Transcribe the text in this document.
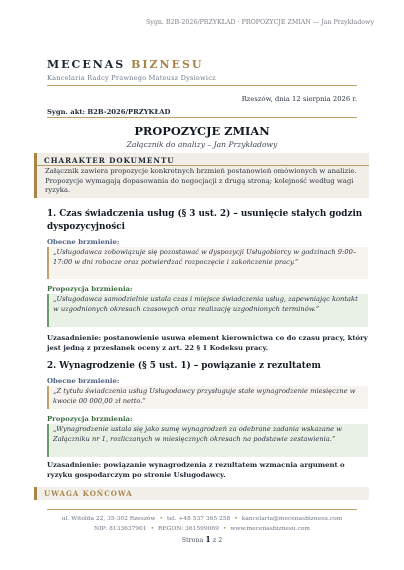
Sygn. B2B-2026/PRZYKŁAD · PROPOZYCJE ZMIAN — Jan Przykładowy
MECENAS BIZNESU
Kancelaria Radcy Prawnego Mateusz Dysiewicz
Rzeszów, dnia 12 sierpnia 2026 r.
Sygn. akt: B2B-2026/PRZYKŁAD
PROPOZYCJE ZMIAN
Załącznik do analizy – Jan Przykładowy
CHARAKTER DOKUMENTU
Załącznik zawiera propozycje konkretnych brzmień postanowień omówionych w analizie. Propozycje wymagają dopasowania do negocjacji z drugą stroną; kolejność według wagi ryzyka.
1. Czas świadczenia usług (§ 3 ust. 2) – usunięcie stałych godzin dyspozycyjności
Obecne brzmienie:
„Usługodawca zobowiązuje się pozostawać w dyspozycji Usługobiorcy w godzinach 9:00–17:00 w dni robocze oraz potwierdzać rozpoczęcie i zakończenie pracy.”
Propozycja brzmienia:
„Usługodawca samodzielnie ustala czas i miejsce świadczenia usług, zapewniając kontakt w uzgodnionych okresach czasowych oraz realizację uzgodnionych terminów.”
Uzasadnienie: postanowienie usuwa element kierownictwa co do czasu pracy, który jest jedną z przesłanek oceny z art. 22 § 1 Kodeksu pracy.
2. Wynagrodzenie (§ 5 ust. 1) – powiązanie z rezultatem
Obecne brzmienie:
„Z tytułu świadczenia usług Usługodawcy przysługuje stałe wynagrodzenie miesięczne w kwocie 00 000,00 zł netto.”
Propozycja brzmienia:
„Wynagrodzenie ustala się jako sumę wynagrodzeń za odebrane zadania wskazane w Załączniku nr 1, rozliczanych w miesięcznych okresach na podstawie zestawienia.”
Uzasadnienie: powiązanie wynagrodzenia z rezultatem wzmacnia argument o ryzyku gospodarczym po stronie Usługodawcy.
UWAGA KOŃCOWA
ul. Witolda 22, 35-302 Rzeszów • tel. +48 537 365 258 • kancelaria@mecenasbiznesu.com
NIP: 8133637901 • REGON: 361599069 • www.mecenasbiznesu.com
Strona 1 z 2
